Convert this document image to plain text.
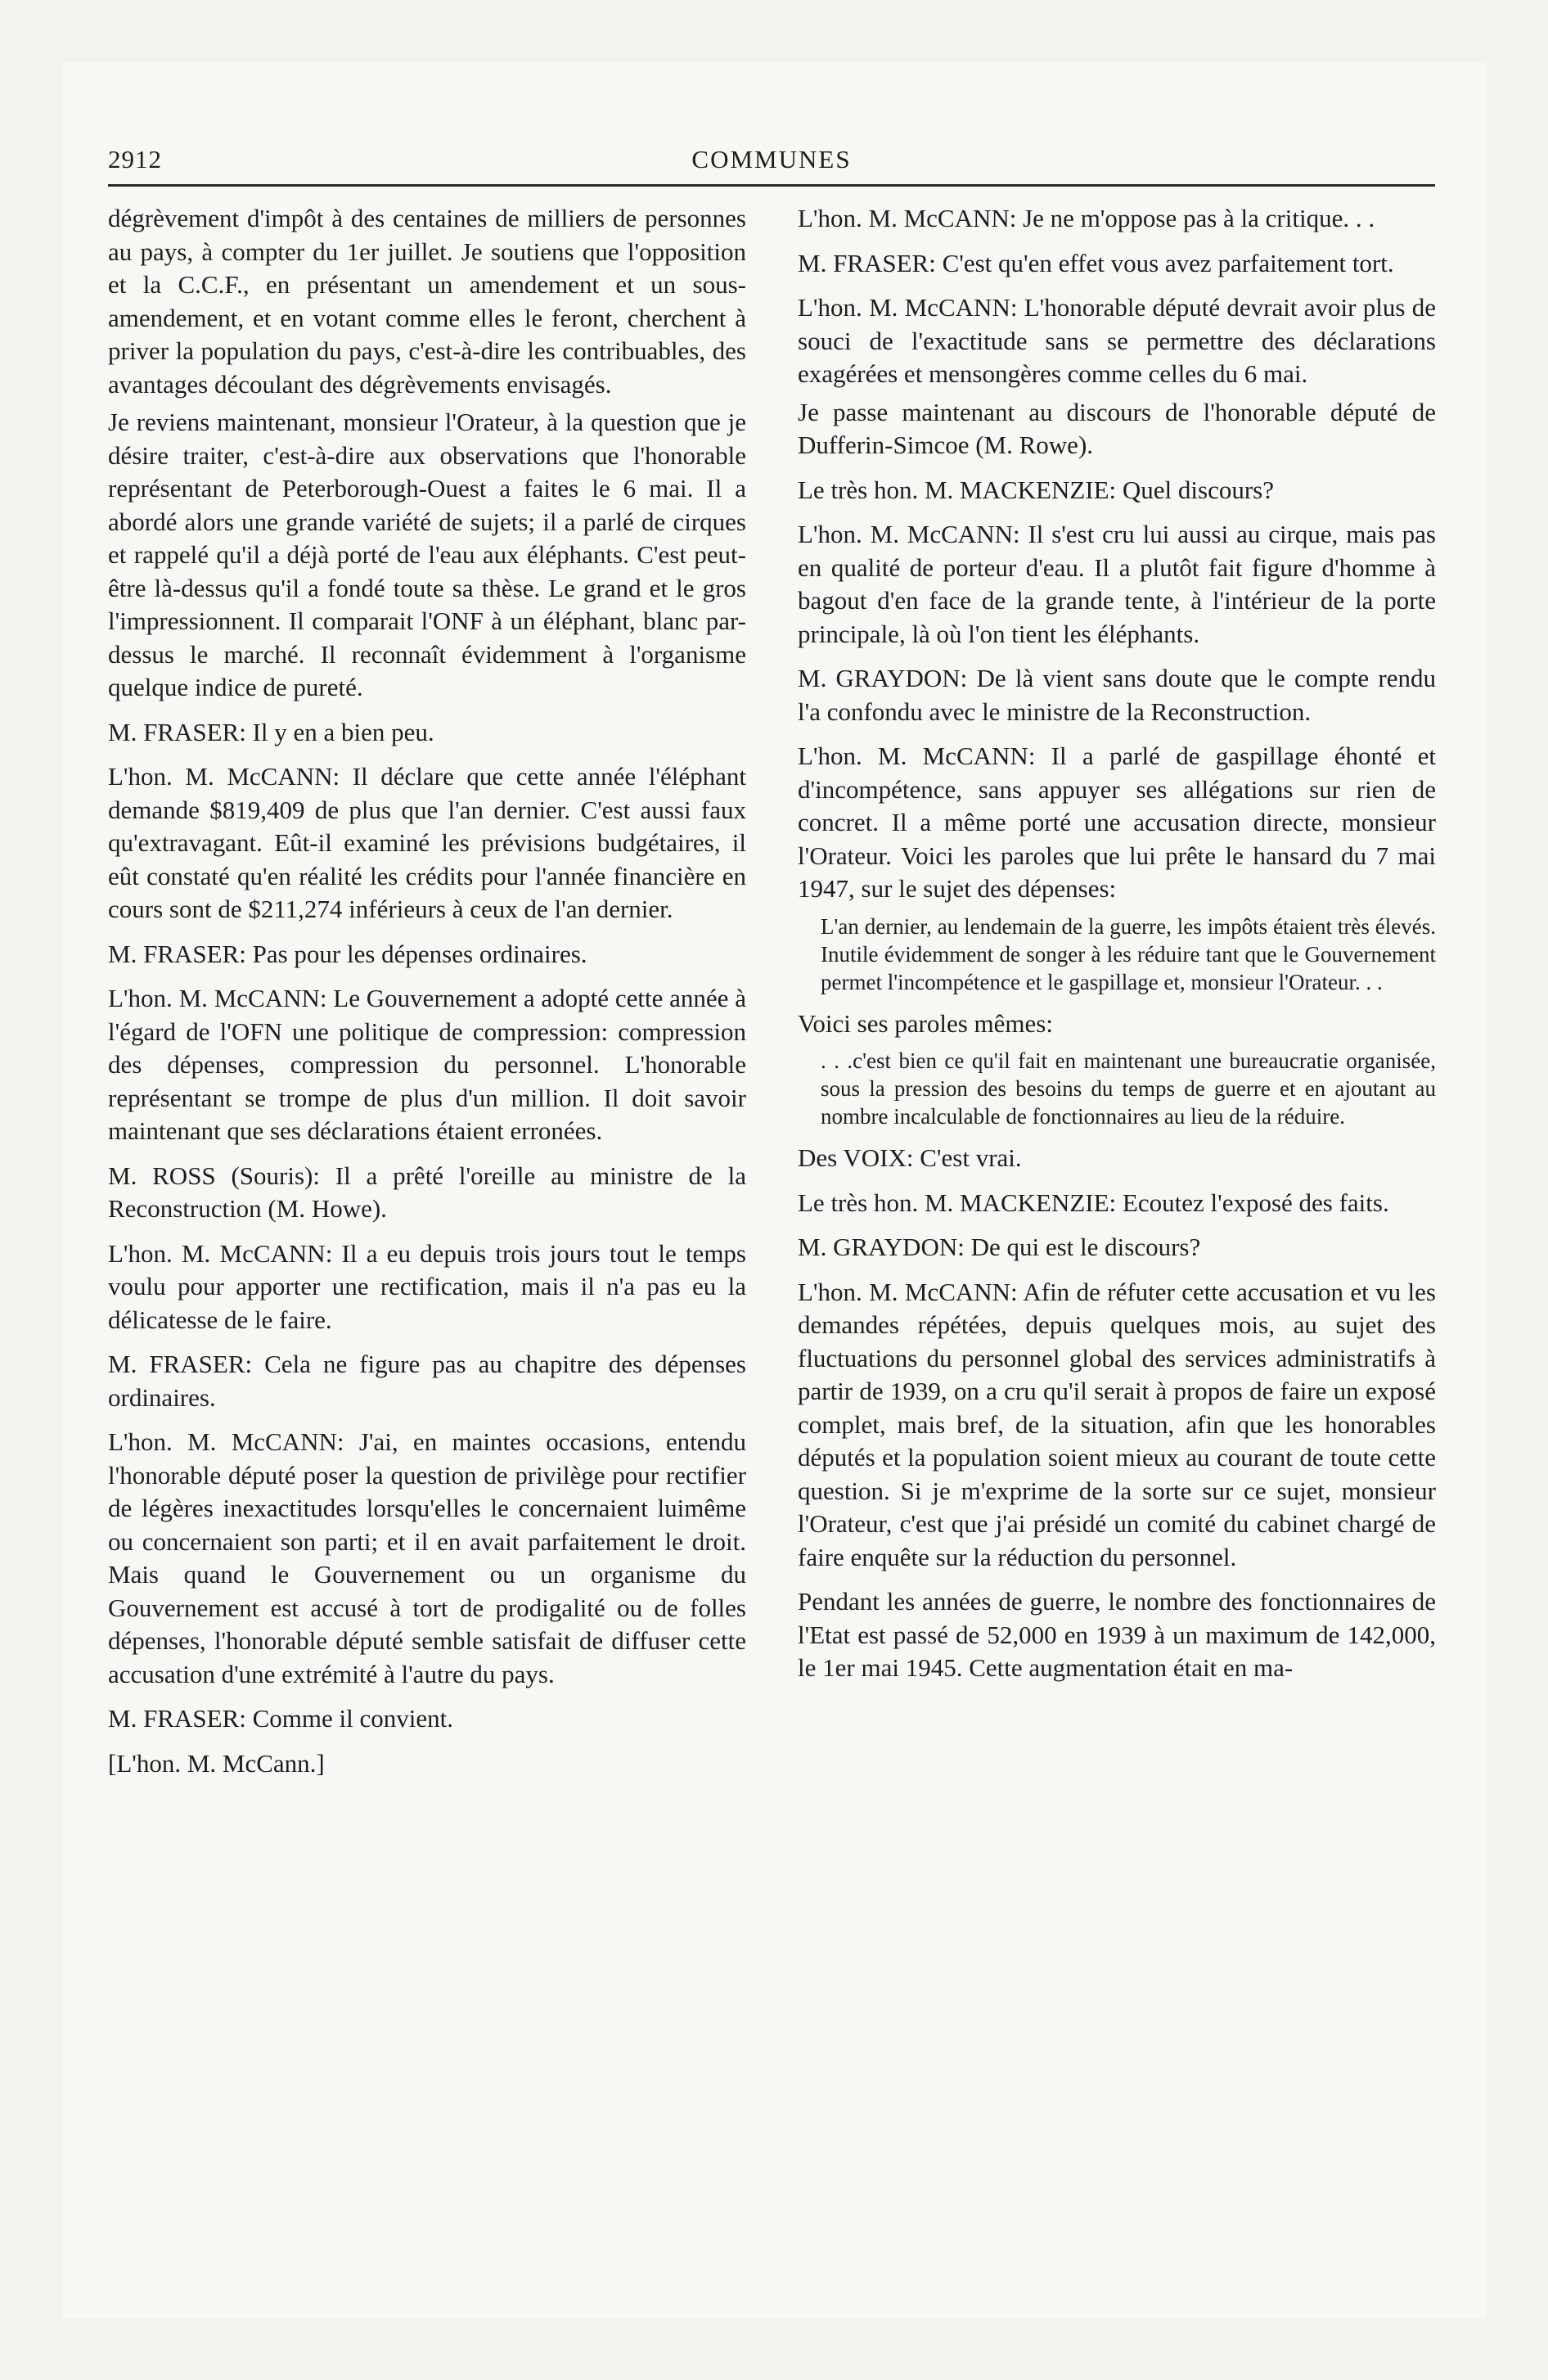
2912	COMMUNES

dégrèvement d'impôt à des centaines de milliers de personnes au pays, à compter du 1er juillet. Je soutiens que l'opposition et la C.C.F., en présentant un amendement et un sous-amendement, et en votant comme elles le feront, cherchent à priver la population du pays, c'est-à-dire les contribuables, des avantages découlant des dégrèvements envisagés.

Je reviens maintenant, monsieur l'Orateur, à la question que je désire traiter, c'est-à-dire aux observations que l'honorable représentant de Peterborough-Ouest a faites le 6 mai. Il a abordé alors une grande variété de sujets; il a parlé de cirques et rappelé qu'il a déjà porté de l'eau aux éléphants. C'est peut-être là-dessus qu'il a fondé toute sa thèse. Le grand et le gros l'impressionnent. Il comparait l'ONF à un éléphant, blanc par- dessus le marché. Il reconnaît évidemment à l'organisme quelque indice de pureté.

M. FRASER: Il y en a bien peu.

L'hon. M. McCANN: Il déclare que cette année l'éléphant demande $819,409 de plus que l'an dernier. C'est aussi faux qu'extravagant. Eût-il examiné les prévisions budgétaires, il eût constaté qu'en réalité les crédits pour l'année financière en cours sont de $211,274 inférieurs à ceux de l'an dernier.

M. FRASER: Pas pour les dépenses ordinaires.

L'hon. M. McCANN: Le Gouvernement a adopté cette année à l'égard de l'OFN une politique de compression: compression des dépenses, compression du personnel. L'honorable représentant se trompe de plus d'un million. Il doit savoir maintenant que ses déclarations étaient erronées.

M. ROSS (Souris): Il a prêté l'oreille au ministre de la Reconstruction (M. Howe).

L'hon. M. McCANN: Il a eu depuis trois jours tout le temps voulu pour apporter une rectification, mais il n'a pas eu la délicatesse de le faire.

M. FRASER: Cela ne figure pas au chapitre des dépenses ordinaires.

L'hon. M. McCANN: J'ai, en maintes occasions, entendu l'honorable député poser la question de privilège pour rectifier de légères inexactitudes lorsqu'elles le concernaient luimême ou concernaient son parti; et il en avait parfaitement le droit. Mais quand le Gouvernement ou un organisme du Gouvernement est accusé à tort de prodigalité ou de folles dépenses, l'honorable député semble satisfait de diffuser cette accusation d'une extrémité à l'autre du pays.

M. FRASER: Comme il convient.

[L'hon. M. McCann.]

L'hon. M. McCANN: Je ne m'oppose pas à la critique. . .

M. FRASER: C'est qu'en effet vous avez parfaitement tort.

L'hon. M. McCANN: L'honorable député devrait avoir plus de souci de l'exactitude sans se permettre des déclarations exagérées et mensongères comme celles du 6 mai.

Je passe maintenant au discours de l'honorable député de Dufferin-Simcoe (M. Rowe).

Le très hon. M. MACKENZIE: Quel discours?

L'hon. M. McCANN: Il s'est cru lui aussi au cirque, mais pas en qualité de porteur d'eau. Il a plutôt fait figure d'homme à bagout d'en face de la grande tente, à l'intérieur de la porte principale, là où l'on tient les éléphants.

M. GRAYDON: De là vient sans doute que le compte rendu l'a confondu avec le ministre de la Reconstruction.

L'hon. M. McCANN: Il a parlé de gaspillage éhonté et d'incompétence, sans appuyer ses allégations sur rien de concret. Il a même porté une accusation directe, monsieur l'Orateur. Voici les paroles que lui prête le hansard du 7 mai 1947, sur le sujet des dépenses:

L'an dernier, au lendemain de la guerre, les impôts étaient très élevés. Inutile évidemment de songer à les réduire tant que le Gouvernement permet l'incompétence et le gaspillage et, monsieur l'Orateur. . .

Voici ses paroles mêmes:

. . .c'est bien ce qu'il fait en maintenant une bureaucratie organisée, sous la pression des besoins du temps de guerre et en ajoutant au nombre incalculable de fonctionnaires au lieu de la réduire.

Des VOIX: C'est vrai.

Le très hon. M. MACKENZIE: Ecoutez l'exposé des faits.

M. GRAYDON: De qui est le discours?

L'hon. M. McCANN: Afin de réfuter cette accusation et vu les demandes répétées, depuis quelques mois, au sujet des fluctuations du personnel global des services administratifs à partir de 1939, on a cru qu'il serait à propos de faire un exposé complet, mais bref, de la situation, afin que les honorables députés et la population soient mieux au courant de toute cette question. Si je m'exprime de la sorte sur ce sujet, monsieur l'Orateur, c'est que j'ai présidé un comité du cabinet chargé de faire enquête sur la réduction du personnel.

Pendant les années de guerre, le nombre des fonctionnaires de l'Etat est passé de 52,000 en 1939 à un maximum de 142,000, le 1er mai 1945. Cette augmentation était en ma-
